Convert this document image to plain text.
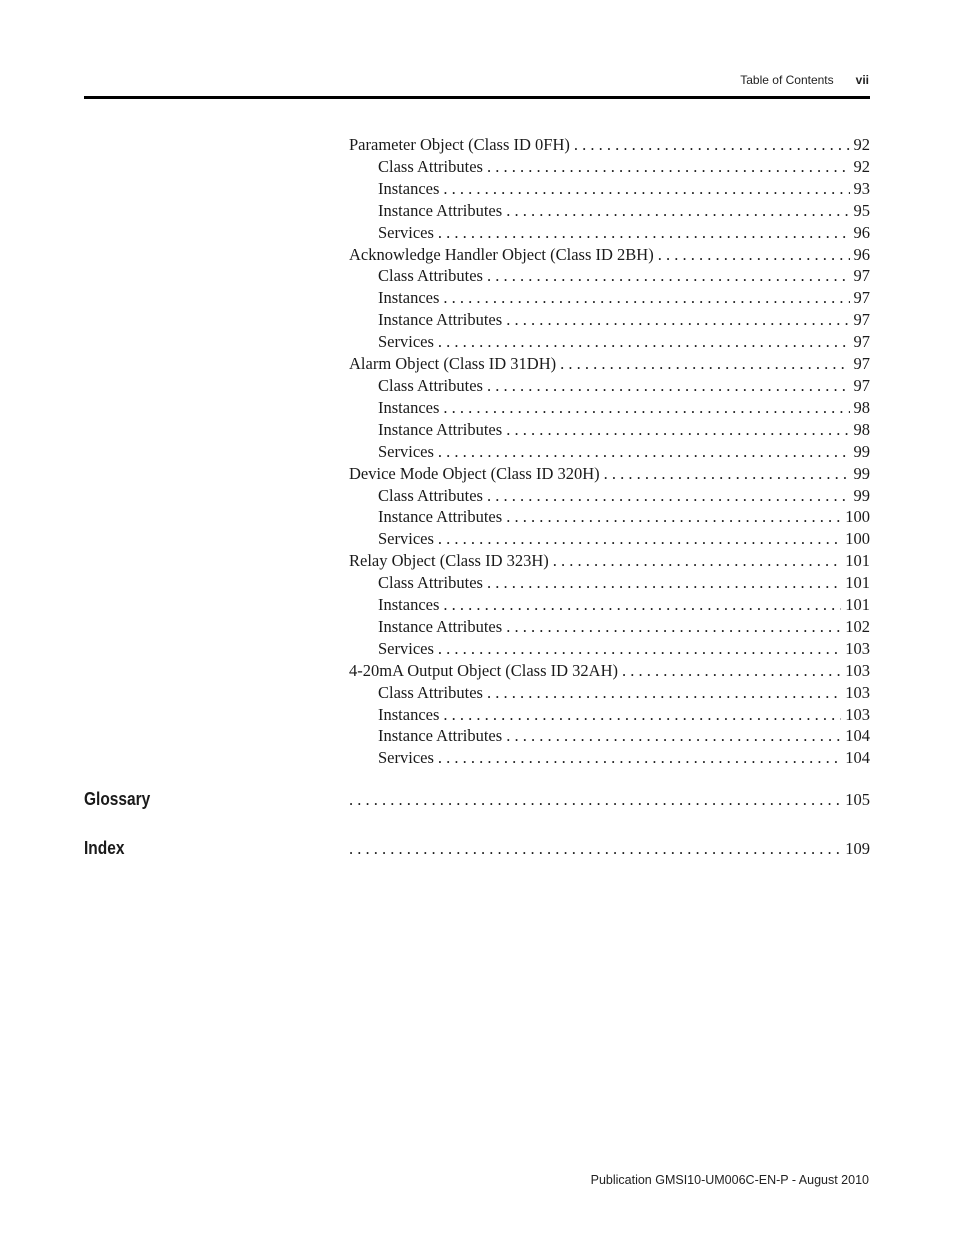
Table of Contents vii
Parameter Object (Class ID 0FH) . . .	92
Class Attributes . . .	92
Instances . . .	93
Instance Attributes . . .	95
Services . . .	96
Acknowledge Handler Object (Class ID 2BH) . . .	96
Class Attributes . . .	97
Instances . . .	97
Instance Attributes . . .	97
Services . . .	97
Alarm Object (Class ID 31DH) . . .	97
Class Attributes . . .	97
Instances . . .	98
Instance Attributes . . .	98
Services . . .	99
Device Mode Object (Class ID 320H) . . .	99
Class Attributes . . .	99
Instance Attributes . . .	100
Services . . .	100
Relay Object (Class ID 323H) . . .	101
Class Attributes . . .	101
Instances . . .	101
Instance Attributes . . .	102
Services . . .	103
4-20mA Output Object (Class ID 32AH) . . .	103
Class Attributes . . .	103
Instances . . .	103
Instance Attributes . . .	104
Services . . .	104
Glossary . . .	105
Index . . .	109
Publication GMSI10-UM006C-EN-P - August 2010
